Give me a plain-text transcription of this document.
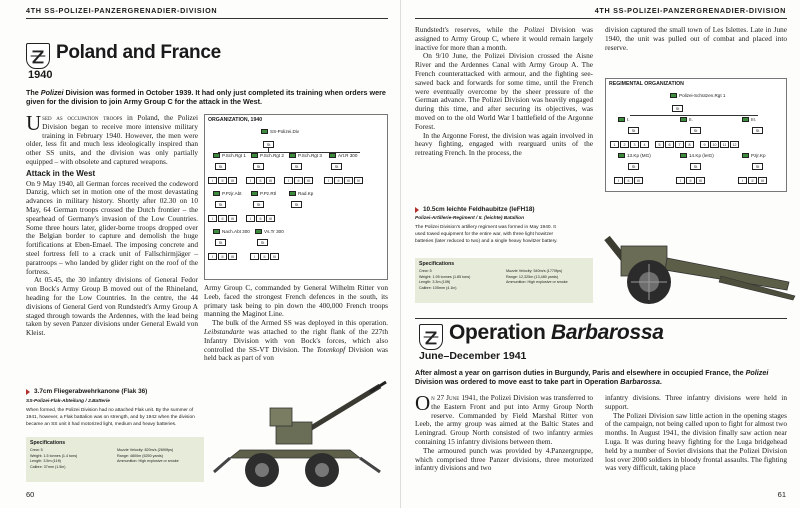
4TH SS-POLIZEI-PANZERGRENADIER-DIVISION
Poland and France
1940
The Polizei Division was formed in October 1939. It had only just completed its training when orders were given for the division to join Army Group C for the attack in the West.

Used as occupation troops in Poland, the Polizei Division began to receive more intensive military training in February 1940. However, the men were older, less fit and much less ideologically inspired than other SS units, and the division was only partially equipped – with obsolete and captured weapons.

Attack in the West

On 9 May 1940, all German forces received the codeword Danzig, which set in motion one of the most devastating advances in military history. Shortly after 02.30 on 10 May, 64 German troops crossed the Dutch frontier – the spearhead of Germany's invasion of the Low Countries. Some three hours later, glider-borne troops dropped over the Belgian border to capture and demolish the huge fortifications at Eben-Emael. The imposing concrete and steel fortress fell to a crack unit of Fallschirmjäger – paratroops – who landed by glider right on the roof of the fortress.

At 05.45, the 30 infantry divisions of General Fedor von Bock's Army Group B moved out of the Rhineland, heading for the Low Countries. In the centre, the 44 divisions of General Gerd von Rundstedt's Army Group A staged through towards the Ardennes, with the lead being taken by seven Panzer divisions under General Ewald von Kleist.

ORGANIZATION, 1940
SS-Polizei.Div
St
P.Sch.Rgt 1	P.Sch.Rgt 2	P.Sch.Rgt 3	Art.R 300
St	St	St	St
I	II	III	I	II	III	I	II	III	I	II	III	IV
P.Pzjr.Abt	P.Pz.Rtl	Rad.Kp
St	St	St
I	II	III	I	II	III
Nach.Abt 300	Vs.Tr 300
St	St
I	II	III	I	II	III

Army Group C, commanded by General Wilhelm Ritter von Leeb, faced the strongest French defences in the south, its primary task being to pin down the 400,000 French troops manning the Maginot Line.

The bulk of the Armed SS was deployed in this operation. Leibstandarte was attached to the right flank of the 227th Infantry Division with von Bock's forces, which also controlled the SS-VT Division. The Totenkopf Division was held back as part of von

3.7cm Fliegerabwehrkanone (Flak 36)
SS-Polizei-Flak-Abteilung / 2.Batterie
When formed, the Polizei Division had no attached Flak unit. By the summer of 1941, however, a Flak battalion was on strength, and by 1942 when the division became an SS unit it had motorized light, medium and heavy batteries.
Specifications
Crew: 5	Muzzle Velocity: 820m/s (2690fps)
Weight: 1.5 tonnes (1.4 tons)	Range: 4800m (5250 yards)
Length: 3.5m (11ft)	Ammunition: High explosive or smoke
Calibre: 37mm (1.5in)
60
4TH SS-POLIZEI-PANZERGRENADIER-DIVISION

Rundstedt's reserves, while the Polizei Division was assigned to Army Group C, where it would remain largely inactive for more than a month.

On 9/10 June, the Polizei Division crossed the Aisne River and the Ardennes Canal with Army Group A. The French counterattacked with armour, and the fighting see-sawed back and forwards for some time, until the French were eventually overcome by the sheer pressure of the German advance. The Polizei Division was heavily engaged during this time, and after securing its objectives, was moved on to the old World War I battlefield of the Argonne Forest.

In the Argonne Forest, the division was again involved in heavy fighting, engaged with rearguard units of the retreating French. In the process, the

division captured the small town of Les Islettes. Late in June 1940, the unit was pulled out of combat and placed into reserve.

REGIMENTAL ORGANIZATION
Polizei-Schützen.Rgt 1
St
I.	II.	III.
St	St	St
1	2	3	4	5	6	7	8	9	10	11	12
13.Kp (MG)	14.Kp (leIG)	Pzjr.Kp
St	St	St
I	II	III	I	II	III	I	II	III
10.5cm leichte Feldhaubitze (leFH18)
Polizei-Artillerie-Regiment / II. (leichte) Batallion
The Polizei Division's artillery regiment was formed in May 1940. It used towed equipment for the entire war, with three light howitzer batteries (later reduced to two) and a single heavy howitzer battery.
Specifications
Crew: 5	Muzzle Velocity: 540m/s (1770fps)
Weight: 1.95 tonnes (1.85 tons)	Range: 12,325m (13,480 yards)
Length: 3.3m (10ft)	Ammunition: High explosive or smoke
Calibre: 105mm (4.1in)
Operation Barbarossa
June–December 1941
After almost a year on garrison duties in Burgundy, Paris and elsewhere in occupied France, the Polizei Division was ordered to move east to take part in Operation Barbarossa.

On 27 June 1941, the Polizei Division was transferred to the Eastern Front and put into Army Group North reserve. Commanded by Field Marshal Ritter von Leeb, the army group was aimed at the Baltic States and Leningrad. Group North consisted of two infantry armies containing 15 infantry divisions between them.

The armoured punch was provided by 4.Panzergruppe, which comprised three Panzer divisions, three motorized infantry divisions and two

infantry divisions. Three infantry divisions were held in support.

The Polizei Division saw little action in the opening stages of the campaign, not being called upon to fight for almost two months. In August 1941, the division finally saw action near Luga. It was during heavy fighting for the Luga bridgehead held by a number of Soviet divisions that the Polizei Division lost over 2000 soldiers in bloody frontal assaults. The fighting was very difficult, taking place

61
